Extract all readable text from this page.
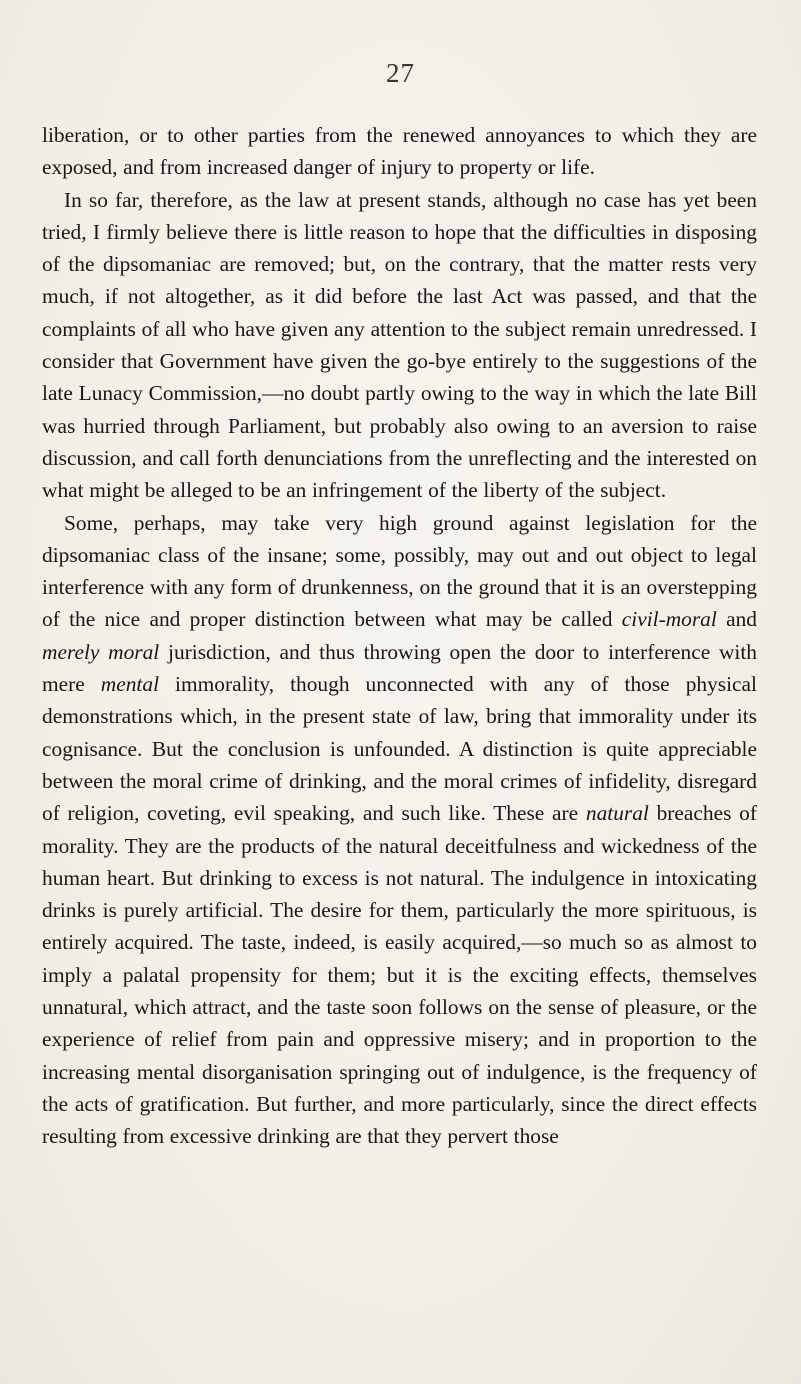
27

liberation, or to other parties from the renewed annoyances to which they are exposed, and from increased danger of injury to property or life.

In so far, therefore, as the law at present stands, although no case has yet been tried, I firmly believe there is little reason to hope that the difficulties in disposing of the dipsomaniac are removed; but, on the contrary, that the matter rests very much, if not altogether, as it did before the last Act was passed, and that the complaints of all who have given any attention to the subject remain unredressed. I consider that Government have given the go-bye entirely to the suggestions of the late Lunacy Commission,—no doubt partly owing to the way in which the late Bill was hurried through Parliament, but probably also owing to an aversion to raise discussion, and call forth denunciations from the unreflecting and the interested on what might be alleged to be an infringement of the liberty of the subject.

Some, perhaps, may take very high ground against legislation for the dipsomaniac class of the insane; some, possibly, may out and out object to legal interference with any form of drunkenness, on the ground that it is an overstepping of the nice and proper distinction between what may be called civil-moral and merely moral jurisdiction, and thus throwing open the door to interference with mere mental immorality, though unconnected with any of those physical demonstrations which, in the present state of law, bring that immorality under its cognisance. But the conclusion is unfounded. A distinction is quite appreciable between the moral crime of drinking, and the moral crimes of infidelity, disregard of religion, coveting, evil speaking, and such like. These are natural breaches of morality. They are the products of the natural deceitfulness and wickedness of the human heart. But drinking to excess is not natural. The indulgence in intoxicating drinks is purely artificial. The desire for them, particularly the more spirituous, is entirely acquired. The taste, indeed, is easily acquired,—so much so as almost to imply a palatal propensity for them; but it is the exciting effects, themselves unnatural, which attract, and the taste soon follows on the sense of pleasure, or the experience of relief from pain and oppressive misery; and in proportion to the increasing mental disorganisation springing out of indulgence, is the frequency of the acts of gratification. But further, and more particularly, since the direct effects resulting from excessive drinking are that they pervert those
